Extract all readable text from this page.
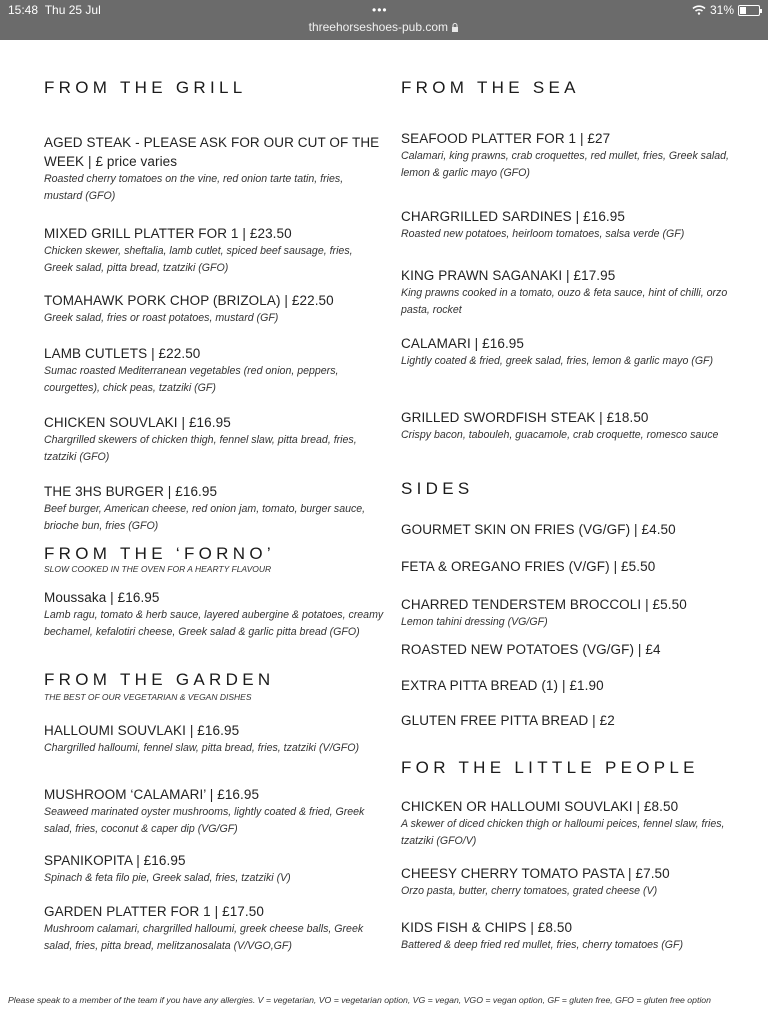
15:48 Thu 25 Jul	•••
threehorseshoes-pub.com
31%
FROM THE GRILL
AGED STEAK - PLEASE ASK FOR OUR CUT OF THE WEEK | £ price varies
Roasted cherry tomatoes on the vine, red onion tarte tatin, fries, mustard (GFO)
MIXED GRILL PLATTER FOR 1 | £23.50
Chicken skewer, sheftalia, lamb cutlet, spiced beef sausage, fries, Greek salad, pitta bread, tzatziki (GFO)
TOMAHAWK PORK CHOP (BRIZOLA) | £22.50
Greek salad, fries or roast potatoes, mustard (GF)
LAMB CUTLETS | £22.50
Sumac roasted Mediterranean vegetables (red onion, peppers, courgettes), chick peas, tzatziki (GF)
CHICKEN SOUVLAKI | £16.95
Chargrilled skewers of chicken thigh, fennel slaw, pitta bread, fries, tzatziki (GFO)
THE 3HS BURGER | £16.95
Beef burger, American cheese, red onion jam, tomato, burger sauce, brioche bun, fries (GFO)
FROM THE ‘FORNO’
SLOW COOKED IN THE OVEN FOR A HEARTY FLAVOUR
Moussaka | £16.95
Lamb ragu, tomato & herb sauce, layered aubergine & potatoes, creamy bechamel, kefalotiri cheese, Greek salad & garlic pitta bread (GFO)
FROM THE GARDEN
THE BEST OF OUR VEGETARIAN & VEGAN DISHES
HALLOUMI SOUVLAKI | £16.95
Chargrilled halloumi, fennel slaw, pitta bread, fries, tzatziki (V/GFO)
MUSHROOM ‘CALAMARI’ | £16.95
Seaweed marinated oyster mushrooms, lightly coated & fried, Greek salad, fries, coconut & caper dip (VG/GF)
SPANIKOPITA | £16.95
Spinach & feta filo pie, Greek salad, fries, tzatziki (V)
GARDEN PLATTER FOR 1 | £17.50
Mushroom calamari, chargrilled halloumi, greek cheese balls, Greek salad, fries, pitta bread, melitzanosalata (V/VGO,GF)
FROM THE SEA
SEAFOOD PLATTER FOR 1 | £27
Calamari, king prawns, crab croquettes, red mullet, fries, Greek salad, lemon & garlic mayo (GFO)
CHARGRILLED SARDINES | £16.95
Roasted new potatoes, heirloom tomatoes, salsa verde (GF)
KING PRAWN SAGANAKI | £17.95
King prawns cooked in a tomato, ouzo & feta sauce, hint of chilli, orzo pasta, rocket
CALAMARI | £16.95
Lightly coated & fried, greek salad, fries, lemon & garlic mayo (GF)
GRILLED SWORDFISH STEAK | £18.50
Crispy bacon, tabouleh, guacamole, crab croquette, romesco sauce
SIDES
GOURMET SKIN ON FRIES (VG/GF) | £4.50
FETA & OREGANO FRIES (V/GF) | £5.50
CHARRED TENDERSTEM BROCCOLI | £5.50
Lemon tahini dressing (VG/GF)
ROASTED NEW POTATOES (VG/GF) | £4
EXTRA PITTA BREAD (1) | £1.90
GLUTEN FREE PITTA BREAD | £2
FOR THE LITTLE PEOPLE
CHICKEN OR HALLOUMI SOUVLAKI | £8.50
A skewer of diced chicken thigh or halloumi peices, fennel slaw, fries, tzatziki (GFO/V)
CHEESY CHERRY TOMATO PASTA | £7.50
Orzo pasta, butter, cherry tomatoes, grated cheese (V)
KIDS FISH & CHIPS | £8.50
Battered & deep fried red mullet, fries, cherry tomatoes (GF)
Please speak to a member of the team if you have any allergies. V = vegetarian, VO = vegetarian option, VG = vegan, VGO = vegan option, GF = gluten free, GFO = gluten free option
